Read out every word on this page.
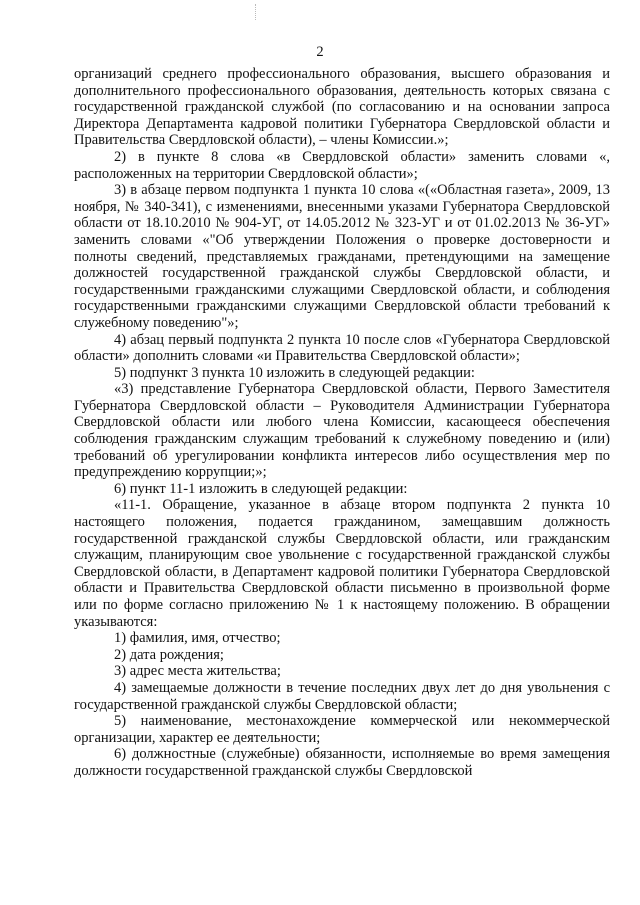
2

организаций среднего профессионального образования, высшего образования и дополнительного профессионального образования, деятельность которых связана с государственной гражданской службой (по согласованию и на основании запроса Директора Департамента кадровой политики Губернатора Свердловской области и Правительства Свердловской области), – члены Комиссии.»;

2) в пункте 8 слова «в Свердловской области» заменить словами «, расположенных на территории Свердловской области»;

3) в абзаце первом подпункта 1 пункта 10 слова «(«Областная газета», 2009, 13 ноября, № 340-341), с изменениями, внесенными указами Губернатора Свердловской области от 18.10.2010 № 904-УГ, от 14.05.2012 № 323-УГ и от 01.02.2013 № 36-УГ» заменить словами «"Об утверждении Положения о проверке достоверности и полноты сведений, представляемых гражданами, претендующими на замещение должностей государственной гражданской службы Свердловской области, и государственными гражданскими служащими Свердловской области, и соблюдения государственными гражданскими служащими Свердловской области требований к служебному поведению"»;

4) абзац первый подпункта 2 пункта 10 после слов «Губернатора Свердловской области» дополнить словами «и Правительства Свердловской области»;

5) подпункт 3 пункта 10 изложить в следующей редакции:

«3) представление Губернатора Свердловской области, Первого Заместителя Губернатора Свердловской области – Руководителя Администрации Губернатора Свердловской области или любого члена Комиссии, касающееся обеспечения соблюдения гражданским служащим требований к служебному поведению и (или) требований об урегулировании конфликта интересов либо осуществления мер по предупреждению коррупции;»;

6) пункт 11-1 изложить в следующей редакции:

«11-1. Обращение, указанное в абзаце втором подпункта 2 пункта 10 настоящего положения, подается гражданином, замещавшим должность государственной гражданской службы Свердловской области, или гражданским служащим, планирующим свое увольнение с государственной гражданской службы Свердловской области, в Департамент кадровой политики Губернатора Свердловской области и Правительства Свердловской области письменно в произвольной форме или по форме согласно приложению № 1 к настоящему положению. В обращении указываются:

1) фамилия, имя, отчество;

2) дата рождения;

3) адрес места жительства;

4) замещаемые должности в течение последних двух лет до дня увольнения с государственной гражданской службы Свердловской области;

5) наименование, местонахождение коммерческой или некоммерческой организации, характер ее деятельности;

6) должностные (служебные) обязанности, исполняемые во время замещения должности государственной гражданской службы Свердловской
